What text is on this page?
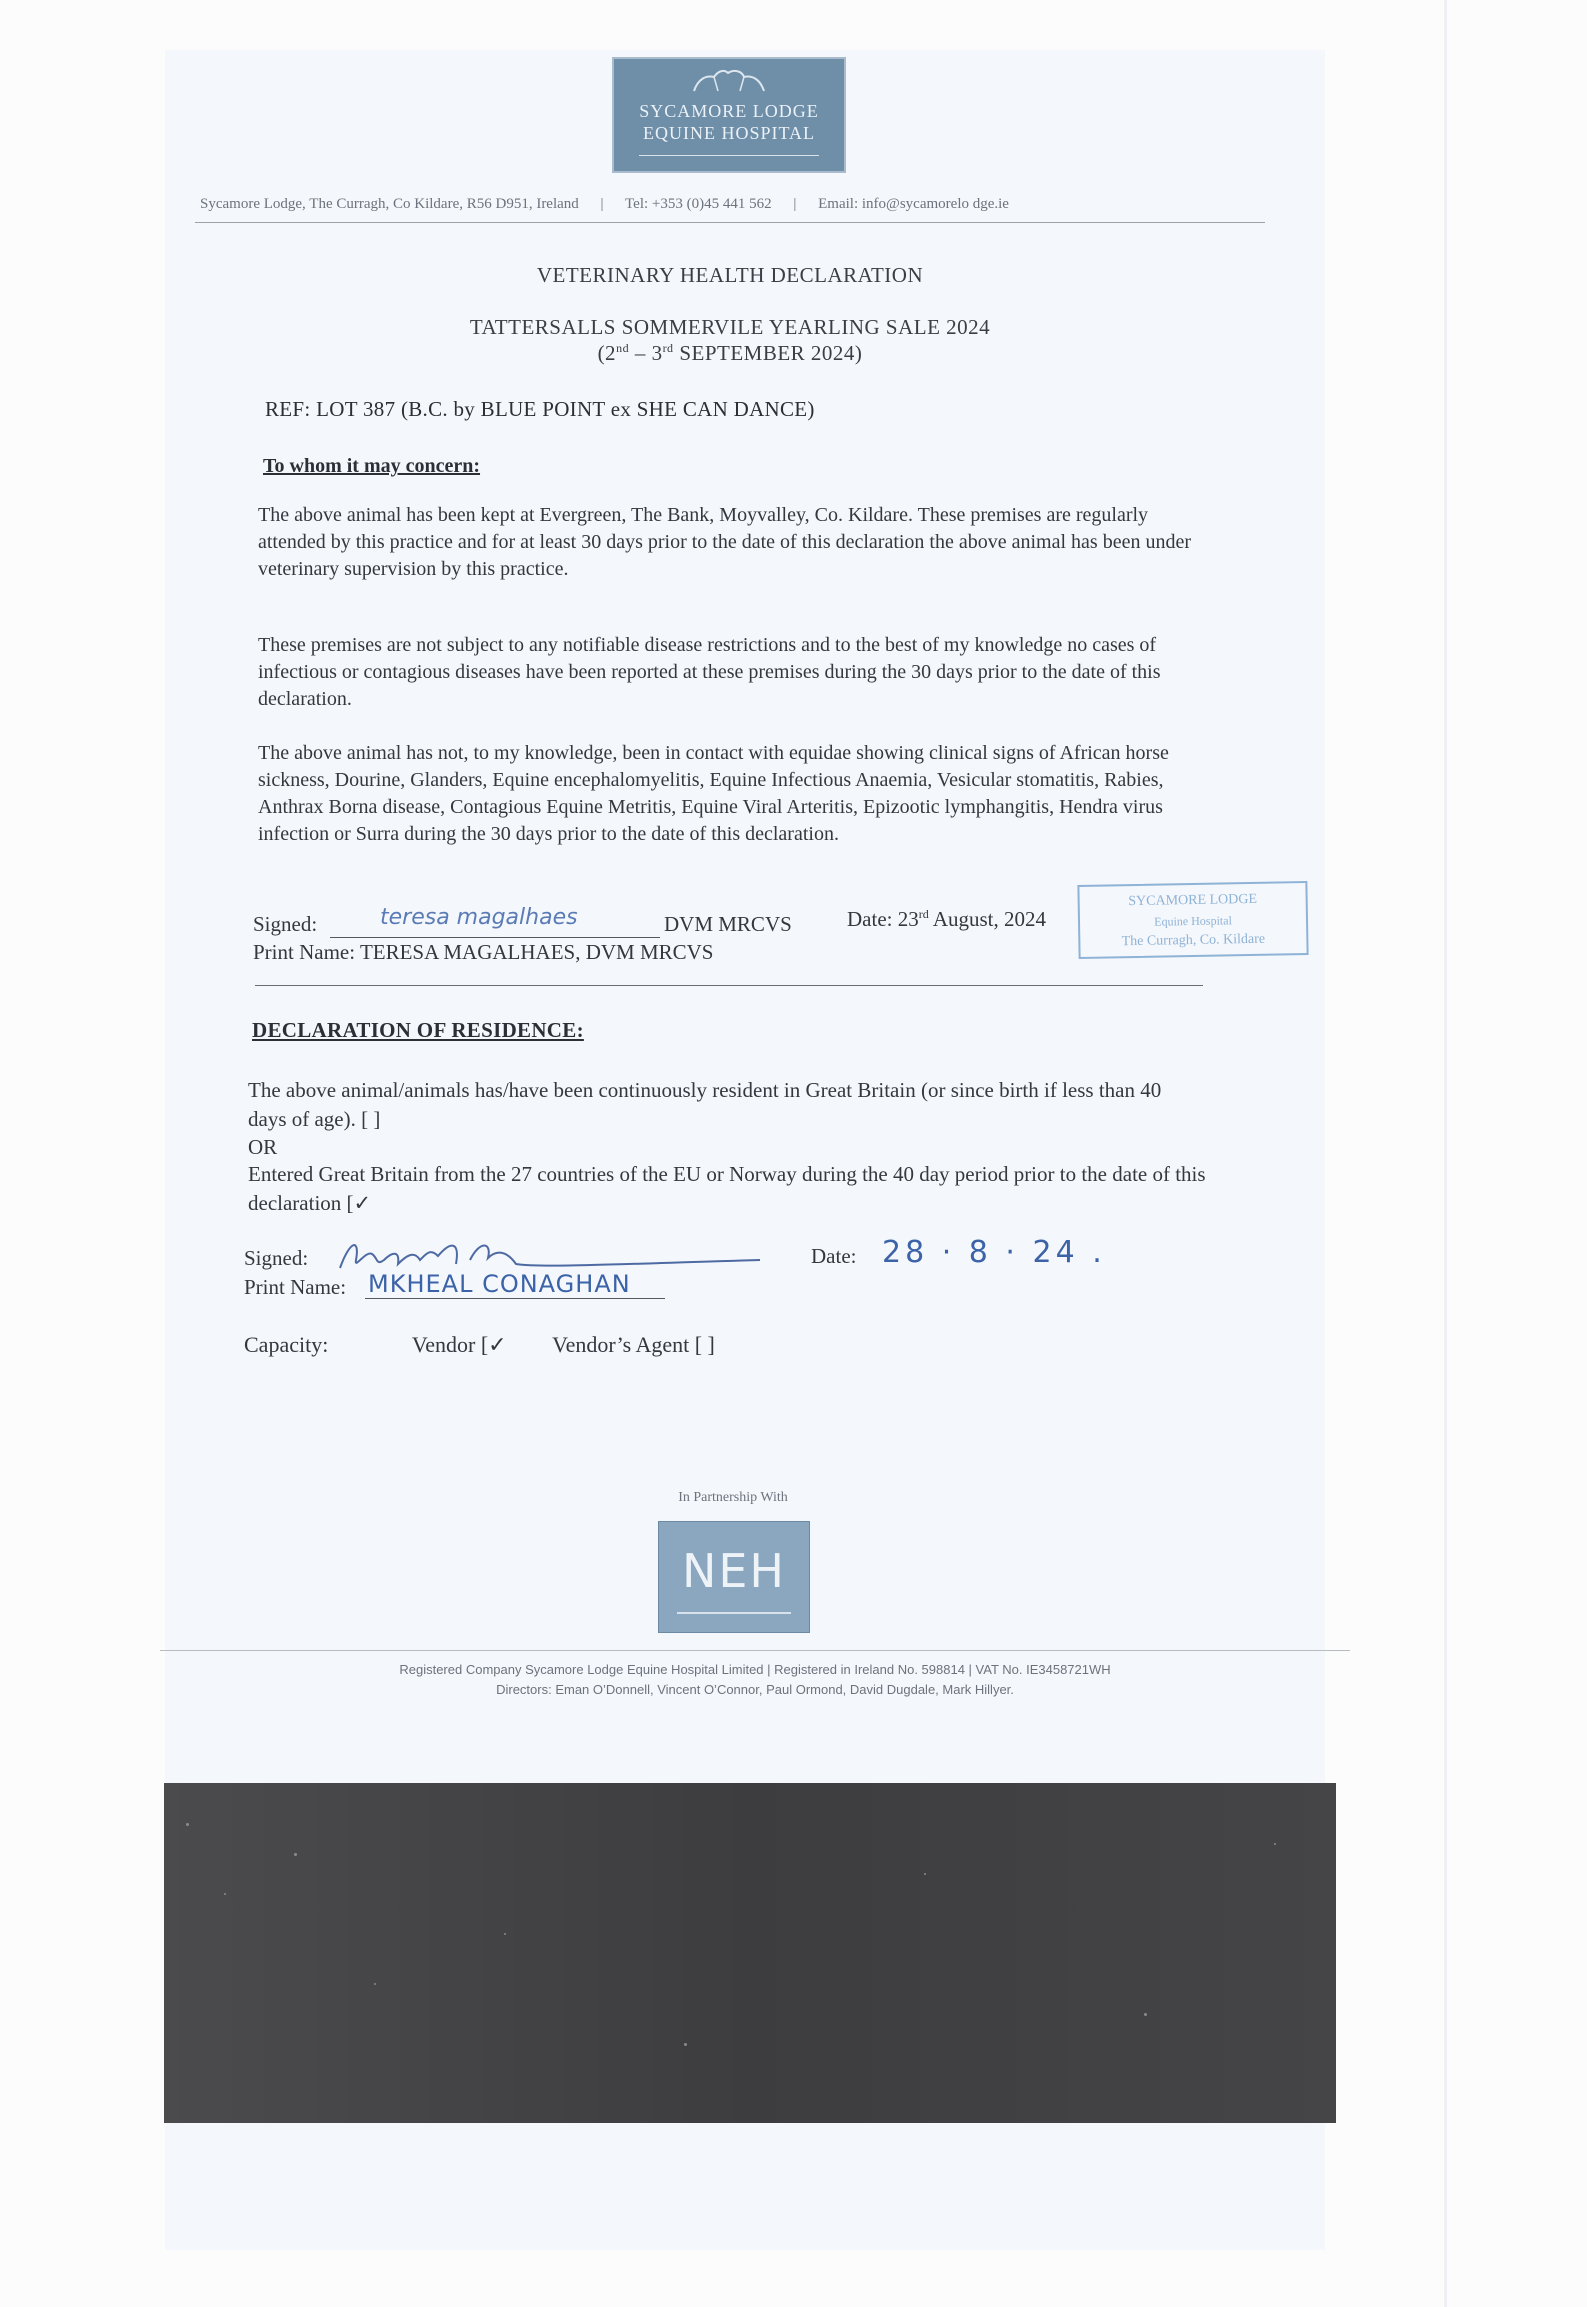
SYCAMORE LODGE
EQUINE HOSPITAL
Sycamore Lodge, The Curragh, Co Kildare, R56 D951, Ireland | Tel: +353 (0)45 441 562 | Email: info@sycamorelo dge.ie
VETERINARY HEALTH DECLARATION
TATTERSALLS SOMMERVILE YEARLING SALE 2024
(2nd – 3rd SEPTEMBER 2024)
REF: LOT 387 (B.C. by BLUE POINT ex SHE CAN DANCE)
To whom it may concern:
The above animal has been kept at Evergreen, The Bank, Moyvalley, Co. Kildare. These premises are regularly attended by this practice and for at least 30 days prior to the date of this declaration the above animal has been under veterinary supervision by this practice.
These premises are not subject to any notifiable disease restrictions and to the best of my knowledge no cases of infectious or contagious diseases have been reported at these premises during the 30 days prior to the date of this declaration.
The above animal has not, to my knowledge, been in contact with equidae showing clinical signs of African horse sickness, Dourine, Glanders, Equine encephalomyelitis, Equine Infectious Anaemia, Vesicular stomatitis, Rabies, Anthrax Borna disease, Contagious Equine Metritis, Equine Viral Arteritis, Epizootic lymphangitis, Hendra virus infection or Surra during the 30 days prior to the date of this declaration.
Signed:	teresa magalhaes	DVM MRCVS	Date: 23rd August, 2024
Print Name: TERESA MAGALHAES, DVM MRCVS
SYCAMORE LODGE
Equine Hospital
The Curragh, Co. Kildare
DECLARATION OF RESIDENCE:
The above animal/animals has/have been continuously resident in Great Britain (or since birth if less than 40 days of age). [ ]
OR
Entered Great Britain from the 27 countries of the EU or Norway during the 40 day period prior to the date of this declaration [✓
Signed:	Date: 28 · 8 · 24 .
Print Name: MKHEAL CONAGHAN
Capacity:	Vendor [✓ Vendor’s Agent [ ]
In Partnership With
NEH
Registered Company Sycamore Lodge Equine Hospital Limited | Registered in Ireland No. 598814 | VAT No. IE3458721WH
Directors: Eman O’Donnell, Vincent O’Connor, Paul Ormond, David Dugdale, Mark Hillyer.
